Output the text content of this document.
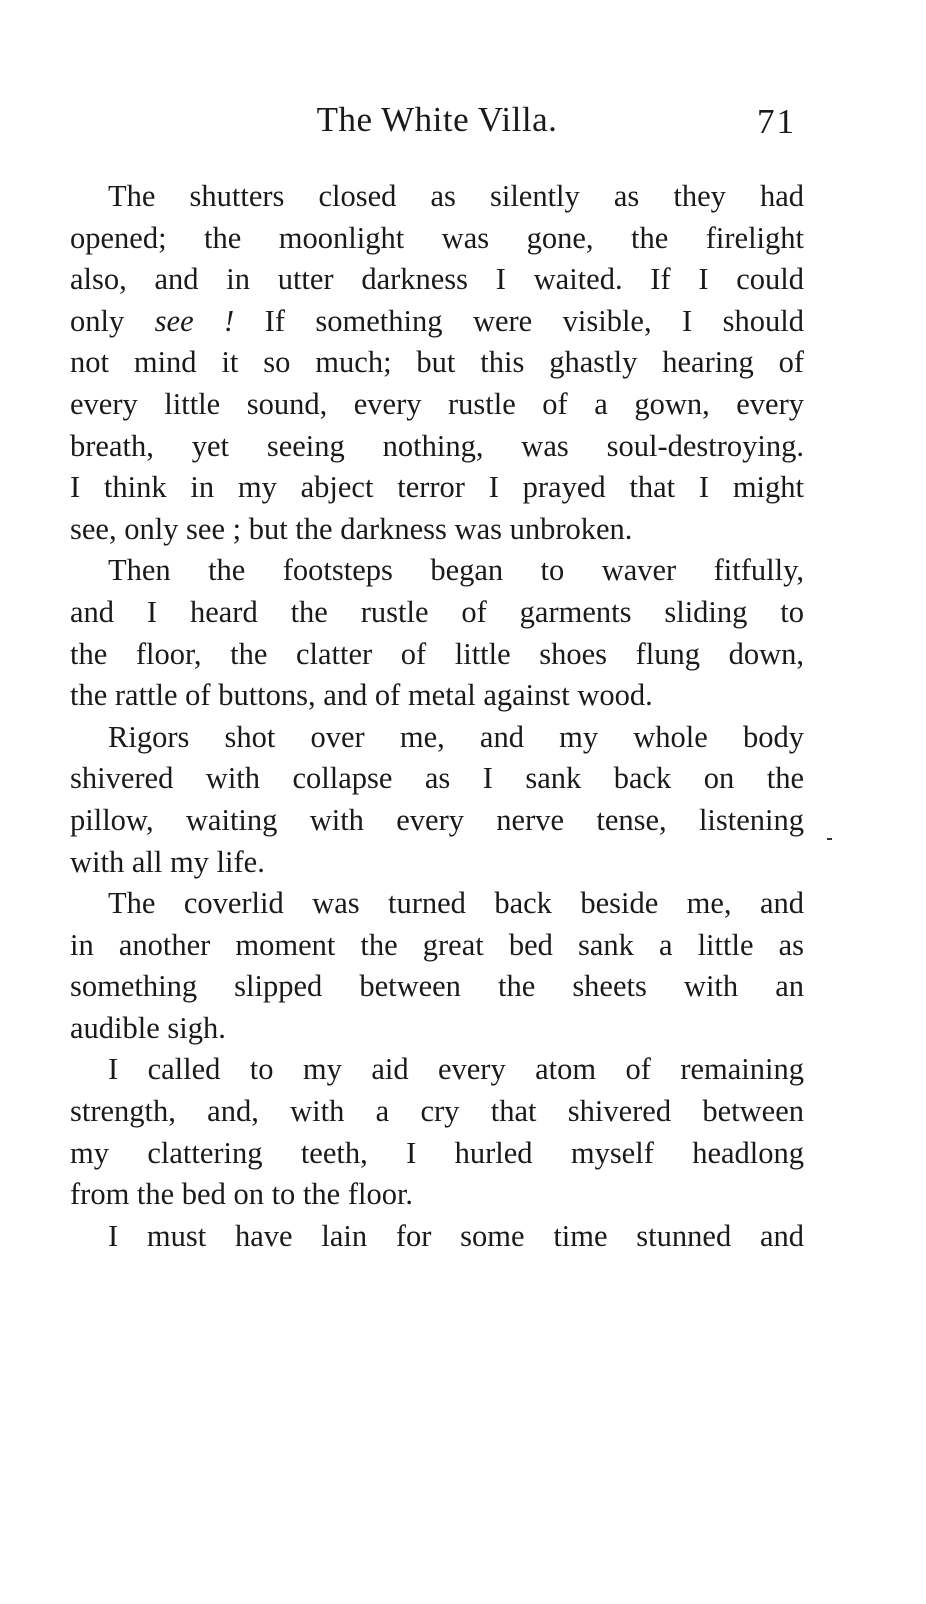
The White Villa.	71
The shutters closed as silently as they had
opened; the moonlight was gone, the firelight
also, and in utter darkness I waited. If I could
only see ! If something were visible, I should
not mind it so much; but this ghastly hearing of
every little sound, every rustle of a gown, every
breath, yet seeing nothing, was soul-destroying.
I think in my abject terror I prayed that I might
see, only see ; but the darkness was unbroken.
Then the footsteps began to waver fitfully,
and I heard the rustle of garments sliding to
the floor, the clatter of little shoes flung down,
the rattle of buttons, and of metal against wood.
Rigors shot over me, and my whole body
shivered with collapse as I sank back on the
pillow, waiting with every nerve tense, listening
with all my life.
The coverlid was turned back beside me, and
in another moment the great bed sank a little as
something slipped between the sheets with an
audible sigh.
I called to my aid every atom of remaining
strength, and, with a cry that shivered between
my clattering teeth, I hurled myself headlong
from the bed on to the floor.
I must have lain for some time stunned and
